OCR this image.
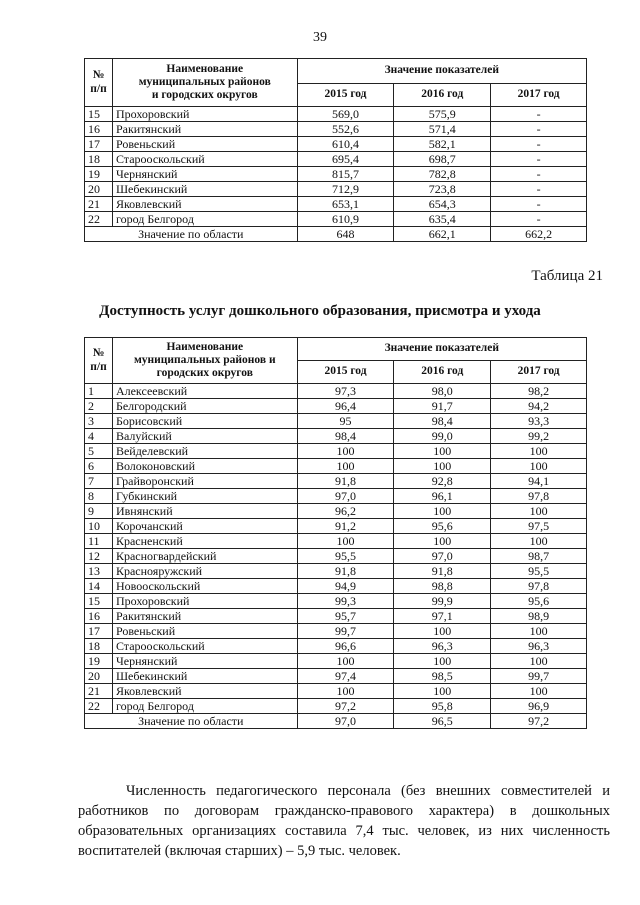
39
№
п/п	Наименование
муниципальных районов
и городских округов	Значение показателей		
		2015 год	2016 год	2017 год
15	Прохоровский	569,0	575,9	-
16	Ракитянский	552,6	571,4	-
17	Ровеньский	610,4	582,1	-
18	Старооскольский	695,4	698,7	-
19	Чернянский	815,7	782,8	-
20	Шебекинский	712,9	723,8	-
21	Яковлевский	653,1	654,3	-
22	город Белгород	610,9	635,4	-
Значение по области		648	662,1	662,2
Таблица 21
Доступность услуг дошкольного образования, присмотра и ухода
№
п/п	Наименование
муниципальных районов и
городских округов	Значение показателей		
		2015 год	2016 год	2017 год
1	Алексеевский	97,3	98,0	98,2
2	Белгородский	96,4	91,7	94,2
3	Борисовский	95	98,4	93,3
4	Валуйский	98,4	99,0	99,2
5	Вейделевский	100	100	100
6	Волоконовский	100	100	100
7	Грайворонский	91,8	92,8	94,1
8	Губкинский	97,0	96,1	97,8
9	Ивнянский	96,2	100	100
10	Корочанский	91,2	95,6	97,5
11	Красненский	100	100	100
12	Красногвардейский	95,5	97,0	98,7
13	Краснояружский	91,8	91,8	95,5
14	Новооскольский	94,9	98,8	97,8
15	Прохоровский	99,3	99,9	95,6
16	Ракитянский	95,7	97,1	98,9
17	Ровеньский	99,7	100	100
18	Старооскольский	96,6	96,3	96,3
19	Чернянский	100	100	100
20	Шебекинский	97,4	98,5	99,7
21	Яковлевский	100	100	100
22	город Белгород	97,2	95,8	96,9
Значение по области		97,0	96,5	97,2

Численность педагогического персонала (без внешних совместителей и работников по договорам гражданско-правового характера) в дошкольных образовательных организациях составила 7,4 тыс. человек, из них численность воспитателей (включая старших) – 5,9 тыс. человек.
